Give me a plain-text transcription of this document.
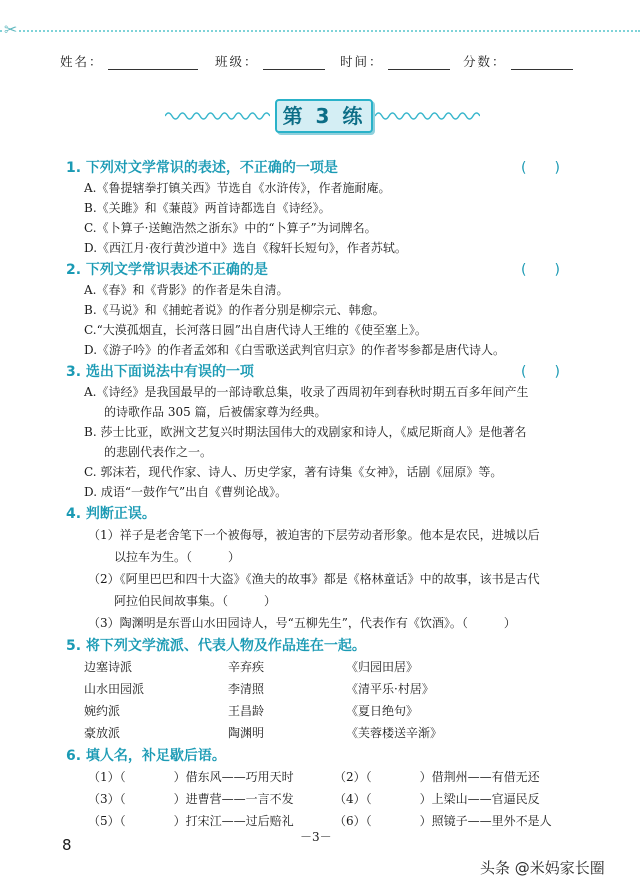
✂
姓名：	班级：	时间：	分数：
第 3 练
1. 下列对文学常识的表述，不正确的一项是	(　　)
A.《鲁提辖拳打镇关西》节选自《水浒传》，作者施耐庵。
B.《关雎》和《蒹葭》两首诗都选自《诗经》。
C.《卜算子·送鲍浩然之浙东》中的“卜算子”为词牌名。
D.《西江月·夜行黄沙道中》选自《稼轩长短句》，作者苏轼。
2. 下列文学常识表述不正确的是	(　　)
A.《春》和《背影》的作者是朱自清。
B.《马说》和《捕蛇者说》的作者分别是柳宗元、韩愈。
C.“大漠孤烟直，长河落日圆”出自唐代诗人王维的《使至塞上》。
D.《游子吟》的作者孟郊和《白雪歌送武判官归京》的作者岑参都是唐代诗人。
3. 选出下面说法中有误的一项	(　　)
A.《诗经》是我国最早的一部诗歌总集，收录了西周初年到春秋时期五百多年间产生
的诗歌作品 305 篇，后被儒家尊为经典。
B. 莎士比亚，欧洲文艺复兴时期法国伟大的戏剧家和诗人，《威尼斯商人》是他著名
的悲剧代表作之一。
C. 郭沫若，现代作家、诗人、历史学家，著有诗集《女神》，话剧《屈原》等。
D. 成语“一鼓作气”出自《曹刿论战》。
4. 判断正误。
（1）祥子是老舍笔下一个被侮辱，被迫害的下层劳动者形象。他本是农民，进城以后
以拉车为生。（　　　）
（2）《阿里巴巴和四十大盗》《渔夫的故事》都是《格林童话》中的故事，该书是古代
阿拉伯民间故事集。（　　　）
（3）陶渊明是东晋山水田园诗人，号“五柳先生”，代表作有《饮酒》。（　　　）
5. 将下列文学流派、代表人物及作品连在一起。
边塞诗派	辛弃疾	《归园田居》
山水田园派	李清照	《清平乐·村居》
婉约派	王昌龄	《夏日绝句》
豪放派	陶渊明	《芙蓉楼送辛渐》
6. 填人名，补足歇后语。
（1）（　　　　）借东风——巧用天时	（2）（　　　　）借荆州——有借无还
（3）（　　　　）进曹营——一言不发	（4）（　　　　）上梁山——官逼民反
（5）（　　　　）打宋江——过后赔礼	（6）（　　　　）照镜子——里外不是人
8	－3－
头条 @米妈家长圈
